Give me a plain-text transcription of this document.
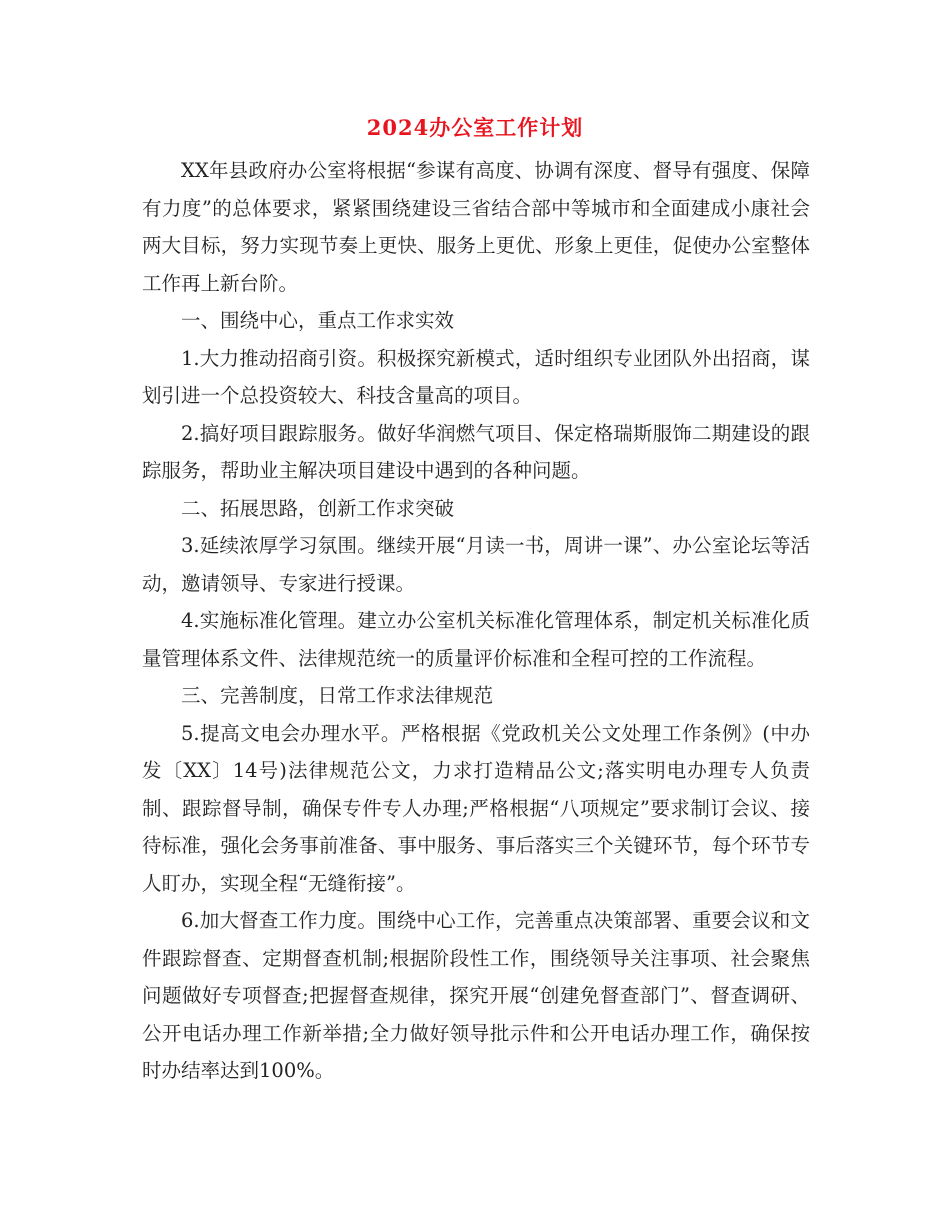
2024办公室工作计划

XX年县政府办公室将根据“参谋有高度、协调有深度、督导有强度、保障有力度”的总体要求，紧紧围绕建设三省结合部中等城市和全面建成小康社会两大目标，努力实现节奏上更快、服务上更优、形象上更佳，促使办公室整体工作再上新台阶。

一、围绕中心，重点工作求实效

1.大力推动招商引资。积极探究新模式，适时组织专业团队外出招商，谋划引进一个总投资较大、科技含量高的项目。

2.搞好项目跟踪服务。做好华润燃气项目、保定格瑞斯服饰二期建设的跟踪服务，帮助业主解决项目建设中遇到的各种问题。

二、拓展思路，创新工作求突破

3.延续浓厚学习氛围。继续开展“月读一书，周讲一课”、办公室论坛等活动，邀请领导、专家进行授课。

4.实施标准化管理。建立办公室机关标准化管理体系，制定机关标准化质量管理体系文件、法律规范统一的质量评价标准和全程可控的工作流程。

三、完善制度，日常工作求法律规范

5.提高文电会办理水平。严格根据《党政机关公文处理工作条例》(中办发〔XX〕14号)法律规范公文，力求打造精品公文;落实明电办理专人负责制、跟踪督导制，确保专件专人办理;严格根据“八项规定”要求制订会议、接待标准，强化会务事前准备、事中服务、事后落实三个关键环节，每个环节专人盯办，实现全程“无缝衔接”。

6.加大督查工作力度。围绕中心工作，完善重点决策部署、重要会议和文件跟踪督查、定期督查机制;根据阶段性工作，围绕领导关注事项、社会聚焦问题做好专项督查;把握督查规律，探究开展“创建免督查部门”、督查调研、公开电话办理工作新举措;全力做好领导批示件和公开电话办理工作，确保按时办结率达到100%。
